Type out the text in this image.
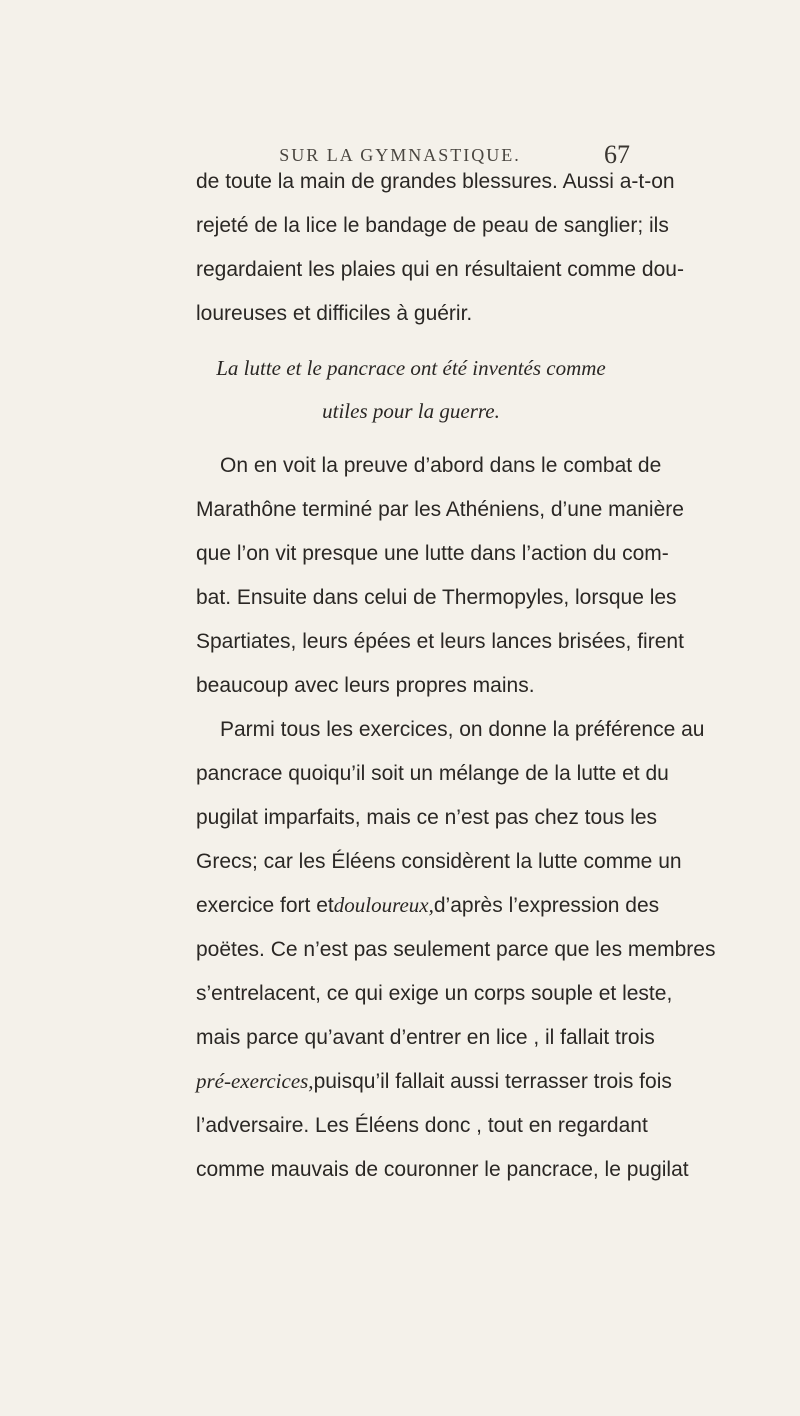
SUR LA GYMNASTIQUE.	67
de toute la main de grandes blessures. Aussi a-t-on
rejeté de la lice le bandage de peau de sanglier; ils
regardaient les plaies qui en résultaient comme dou-
loureuses et difficiles à guérir.
La lutte et le pancrace ont été inventés comme
utiles pour la guerre.
On en voit la preuve d’abord dans le combat de
Marathône terminé par les Athéniens, d’une manière
que l’on vit presque une lutte dans l’action du com-
bat. Ensuite dans celui de Thermopyles, lorsque les
Spartiates, leurs épées et leurs lances brisées, firent
beaucoup avec leurs propres mains.
Parmi tous les exercices, on donne la préférence au
pancrace quoiqu’il soit un mélange de la lutte et du
pugilat imparfaits, mais ce n’est pas chez tous les
Grecs; car les Éléens considèrent la lutte comme un
exercice fort et douloureux, d’après l’expression des
poëtes. Ce n’est pas seulement parce que les membres
s’entrelacent, ce qui exige un corps souple et leste,
mais parce qu’avant d’entrer en lice , il fallait trois
pré-exercices, puisqu’il fallait aussi terrasser trois fois
l’adversaire. Les Éléens donc , tout en regardant
comme mauvais de couronner le pancrace, le pugilat
